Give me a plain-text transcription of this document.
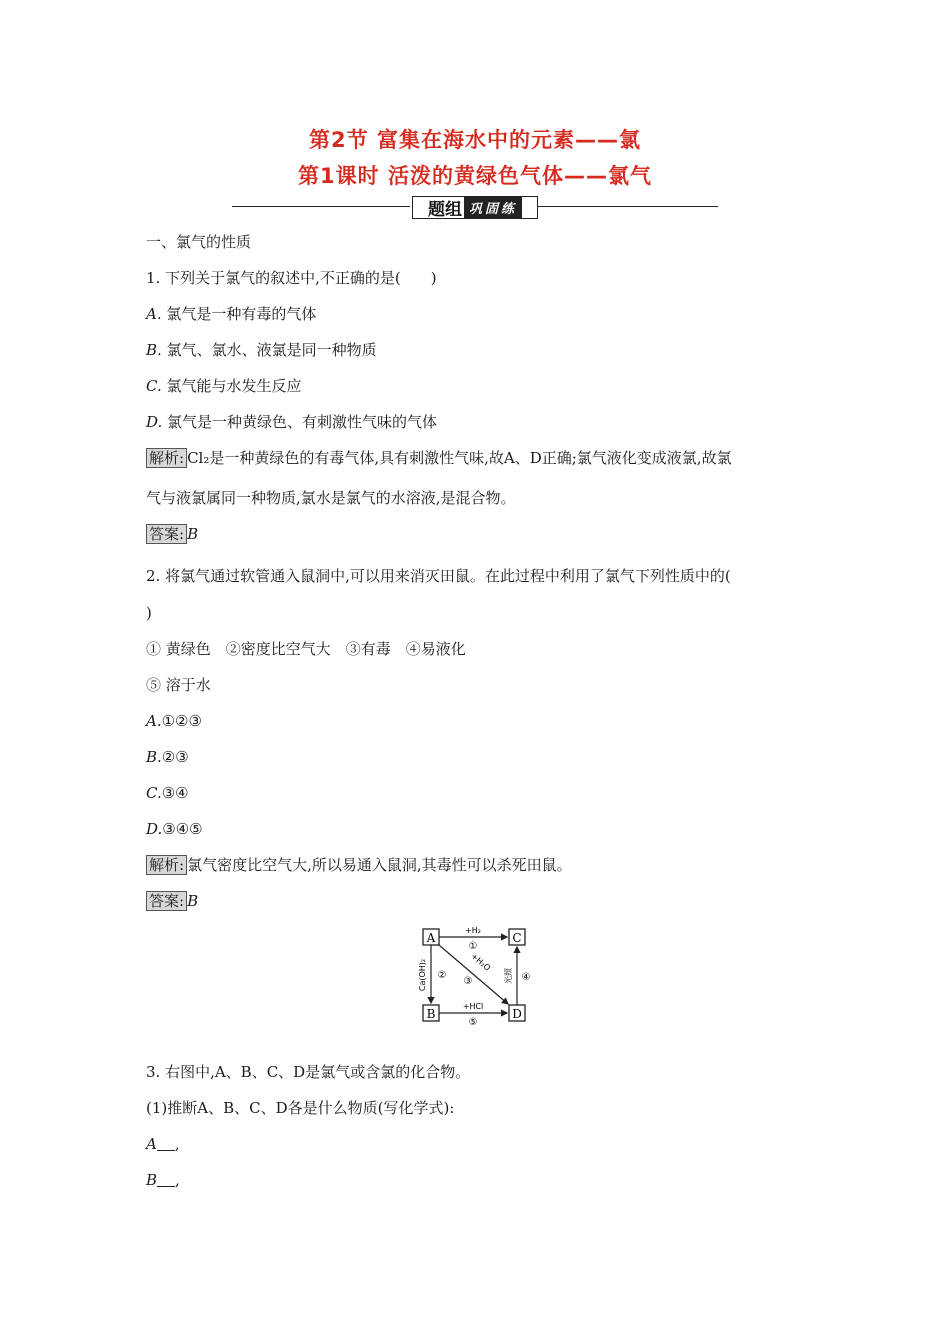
第2节 富集在海水中的元素——氯
第1课时 活泼的黄绿色气体——氯气
题组 巩固练
一、氯气的性质
1. 下列关于氯气的叙述中,不正确的是(　　)
A. 氯气是一种有毒的气体
B. 氯气、氯水、液氯是同一种物质
C. 氯气能与水发生反应
D. 氯气是一种黄绿色、有刺激性气味的气体
解析: Cl₂是一种黄绿色的有毒气体,具有刺激性气味,故A、D正确;氯气液化变成液氯,故氯
气与液氯属同一种物质,氯水是氯气的水溶液,是混合物。
答案: B
2. 将氯气通过软管通入鼠洞中,可以用来消灭田鼠。在此过程中利用了氯气下列性质中的(
)
① 黄绿色　②密度比空气大　③有毒　④易液化
⑤ 溶于水
A.①②③
B.②③
C.③④
D.③④⑤
解析: 氯气密度比空气大,所以易通入鼠洞,其毒性可以杀死田鼠。
答案: B
A	C
B	D
+H₂
①
Ca(OH)₂ ②
+H₂O
③	光照 ④
+HCl
⑤
3. 右图中,A、B、C、D是氯气或含氯的化合物。
(1)推断A、B、C、D各是什么物质(写化学式):
A ,
B ,
